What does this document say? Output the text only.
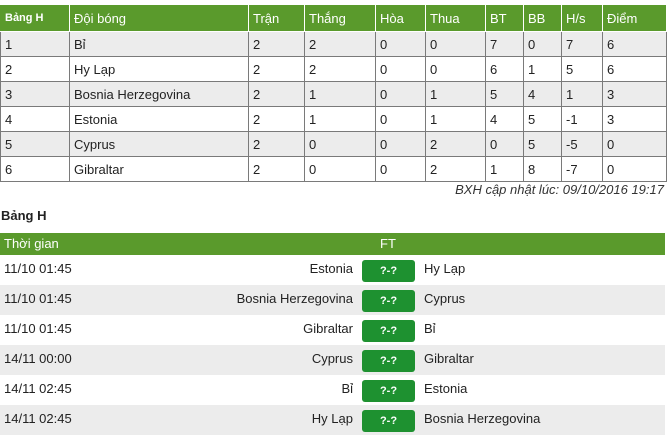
Bảng H	Đội bóng	Trận	Thắng	Hòa	Thua	BT	BB	H/s	Điểm
1	Bỉ	2	2	0	0	7	0	7	6
2	Hy Lạp	2	2	0	0	6	1	5	6
3	Bosnia Herzegovina	2	1	0	1	5	4	1	3
4	Estonia	2	1	0	1	4	5	-1	3
5	Cyprus	2	0	0	2	0	5	-5	0
6	Gibraltar	2	0	0	2	1	8	-7	0
BXH cập nhật lúc: 09/10/2016 19:17
Bảng H
Thời gian	FT
11/10 01:45	Estonia	?-?	Hy Lạp
11/10 01:45	Bosnia Herzegovina	?-?	Cyprus
11/10 01:45	Gibraltar	?-?	Bỉ
14/11 00:00	Cyprus	?-?	Gibraltar
14/11 02:45	Bỉ	?-?	Estonia
14/11 02:45	Hy Lạp	?-?	Bosnia Herzegovina
